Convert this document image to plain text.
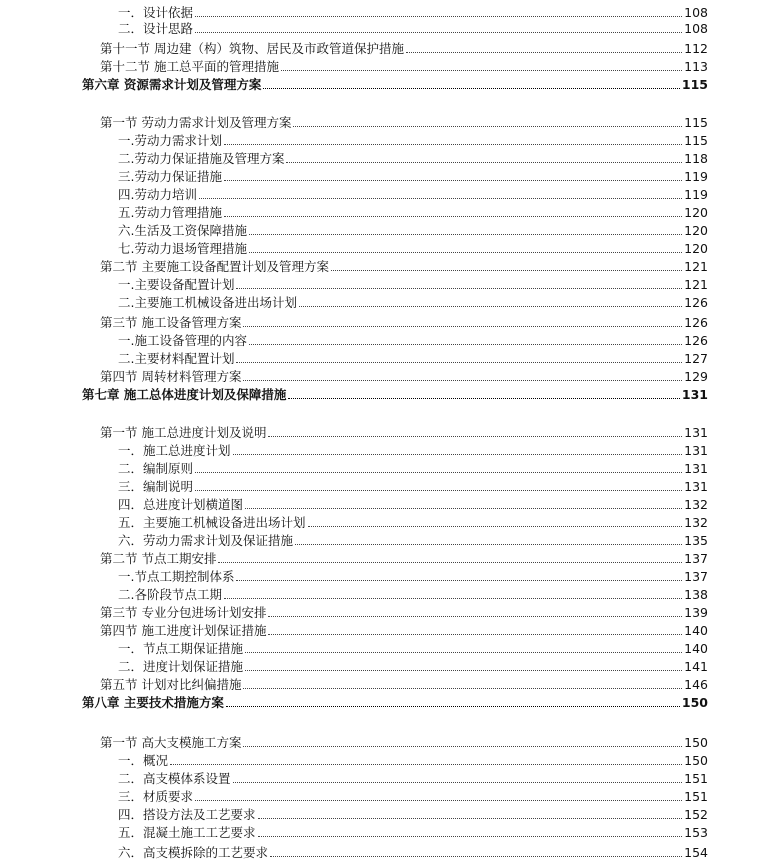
一．设计依据	108
二．设计思路	108
第十一节 周边建（构）筑物、居民及市政管道保护措施	112
第十二节 施工总平面的管理措施	113
第六章 资源需求计划及管理方案	115
第一节 劳动力需求计划及管理方案	115
一.劳动力需求计划	115
二.劳动力保证措施及管理方案	118
三.劳动力保证措施	119
四.劳动力培训	119
五.劳动力管理措施	120
六.生活及工资保障措施	120
七.劳动力退场管理措施	120
第二节 主要施工设备配置计划及管理方案	121
一.主要设备配置计划	121
二.主要施工机械设备进出场计划	126
第三节 施工设备管理方案	126
一.施工设备管理的内容	126
二.主要材料配置计划	127
第四节 周转材料管理方案	129
第七章 施工总体进度计划及保障措施	131
第一节 施工总进度计划及说明	131
一．施工总进度计划	131
二．编制原则	131
三．编制说明	131
四．总进度计划横道图	132
五．主要施工机械设备进出场计划	132
六．劳动力需求计划及保证措施	135
第二节 节点工期安排	137
一.节点工期控制体系	137
二.各阶段节点工期	138
第三节 专业分包进场计划安排	139
第四节 施工进度计划保证措施	140
一．节点工期保证措施	140
二．进度计划保证措施	141
第五节 计划对比纠偏措施	146
第八章 主要技术措施方案	150
第一节 高大支模施工方案	150
一．概况	150
二．高支模体系设置	151
三．材质要求	151
四．搭设方法及工艺要求	152
五．混凝土施工工艺要求	153
六．高支模拆除的工艺要求	154
